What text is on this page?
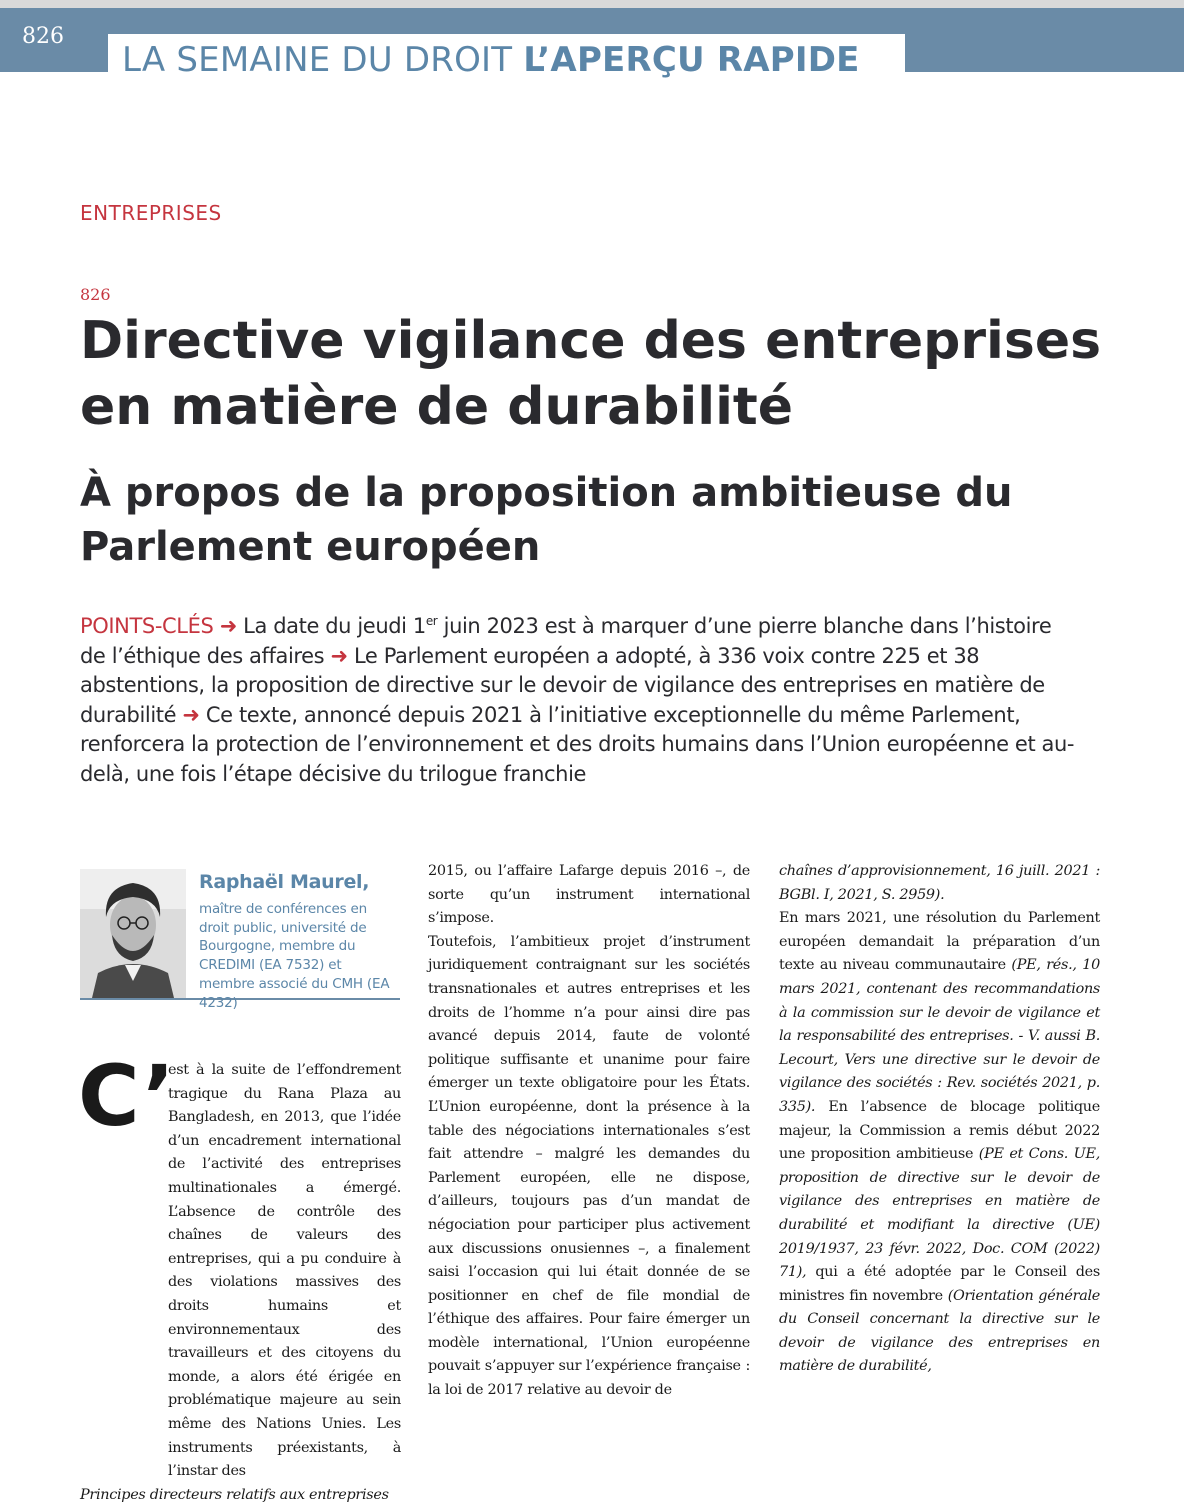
826
LA SEMAINE DU DROIT L’APERÇU RAPIDE
ENTREPRISES
826
Directive vigilance des entreprises en matière de durabilité
À propos de la proposition ambitieuse du Parlement européen
POINTS-CLÉS ➜ La date du jeudi 1er juin 2023 est à marquer d’une pierre blanche dans l’histoire de l’éthique des affaires ➜ Le Parlement européen a adopté, à 336 voix contre 225 et 38 abstentions, la proposition de directive sur le devoir de vigilance des entreprises en matière de durabilité ➜ Ce texte, annoncé depuis 2021 à l’initiative exceptionnelle du même Parlement, renforcera la protection de l’environnement et des droits humains dans l’Union européenne et au-delà, une fois l’étape décisive du trilogue franchie
Raphaël Maurel,
maître de conférences en droit public, université de Bourgogne, membre du CREDIMI (EA 7532) et membre associé du CMH (EA 4232)
C’

est à la suite de l’effondrement tragique du Rana Plaza au Bangladesh, en 2013, que l’idée d’un encadrement international de l’activité des entreprises multinationales a émergé. L’absence de contrôle des chaînes de valeurs des entreprises, qui a pu conduire à des violations massives des droits humains et environnementaux des travailleurs et des citoyens du monde, a alors été érigée en problématique majeure au sein même des Nations Unies. Les instruments préexistants, à l’instar des
Principes directeurs relatifs aux entreprises

2015, ou l’affaire Lafarge depuis 2016 –, de sorte qu’un instrument international s’impose.

Toutefois, l’ambitieux projet d’instrument juridiquement contraignant sur les sociétés transnationales et autres entreprises et les droits de l’homme n’a pour ainsi dire pas avancé depuis 2014, faute de volonté politique suffisante et unanime pour faire émerger un texte obligatoire pour les États. L’Union européenne, dont la présence à la table des négociations internationales s’est fait attendre – malgré les demandes du Parlement européen, elle ne dispose, d’ailleurs, toujours pas d’un mandat de négociation pour participer plus activement aux discussions onusiennes –, a finalement saisi l’occasion qui lui était donnée de se positionner en chef de file mondial de l’éthique des affaires. Pour faire émerger un modèle international, l’Union européenne pouvait s’appuyer sur l’expérience française : la loi de 2017 relative au devoir de

chaînes d’approvisionnement, 16 juill. 2021 : BGBl. I, 2021, S. 2959).

En mars 2021, une résolution du Parlement européen demandait la préparation d’un texte au niveau communautaire (PE, rés., 10 mars 2021, contenant des recommandations à la commission sur le devoir de vigilance et la responsabilité des entreprises. - V. aussi B. Lecourt, Vers une directive sur le devoir de vigilance des sociétés : Rev. sociétés 2021, p. 335). En l’absence de blocage politique majeur, la Commission a remis début 2022 une proposition ambitieuse (PE et Cons. UE, proposition de directive sur le devoir de vigilance des entreprises en matière de durabilité et modifiant la directive (UE) 2019/1937, 23 févr. 2022, Doc. COM (2022) 71), qui a été adoptée par le Conseil des ministres fin novembre (Orientation générale du Conseil concernant la directive sur le devoir de vigilance des entreprises en matière de durabilité,
